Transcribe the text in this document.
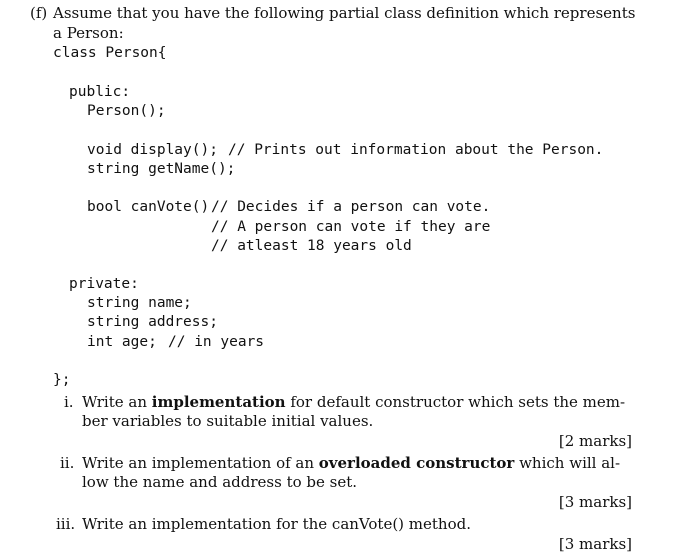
(f) Assume that you have the following partial class definition which represents
a Person:
class Person{
public:
Person();
void display(); // Prints out information about the Person.
string getName();
bool canVote() // Decides if a person can vote.
// A person can vote if they are
// atleast 18 years old
private:
string name;
string address;
int age; // in years
};
i. Write an implementation for default constructor which sets the mem-
ber variables to suitable initial values.
[2 marks]
ii. Write an implementation of an overloaded constructor which will al-
low the name and address to be set.
[3 marks]
iii. Write an implementation for the canVote() method.
[3 marks]
